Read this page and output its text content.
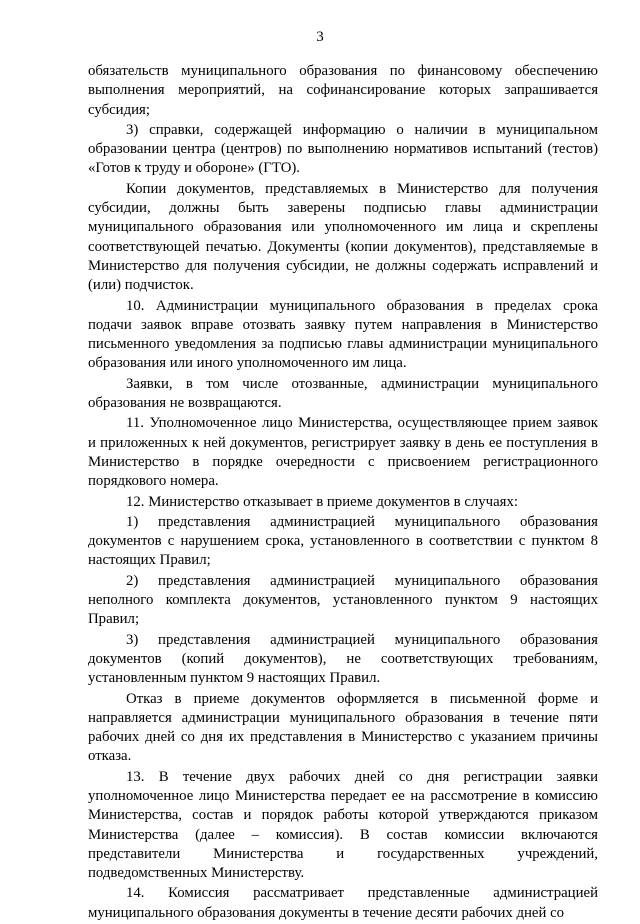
3

обязательств муниципального образования по финансовому обеспечению выполнения мероприятий, на софинансирование которых запрашивается субсидия;

3) справки, содержащей информацию о наличии в муниципальном образовании центра (центров) по выполнению нормативов испытаний (тестов) «Готов к труду и обороне» (ГТО).

Копии документов, представляемых в Министерство для получения субсидии, должны быть заверены подписью главы администрации муниципального образования или уполномоченного им лица и скреплены соответствующей печатью. Документы (копии документов), представляемые в Министерство для получения субсидии, не должны содержать исправлений и (или) подчисток.

10. Администрации муниципального образования в пределах срока подачи заявок вправе отозвать заявку путем направления в Министерство письменного уведомления за подписью главы администрации муниципального образования или иного уполномоченного им лица.

Заявки, в том числе отозванные, администрации муниципального образования не возвращаются.

11. Уполномоченное лицо Министерства, осуществляющее прием заявок и приложенных к ней документов, регистрирует заявку в день ее поступления в Министерство в порядке очередности с присвоением регистрационного порядкового номера.

12. Министерство отказывает в приеме документов в случаях:

1) представления администрацией муниципального образования документов с нарушением срока, установленного в соответствии с пунктом 8 настоящих Правил;

2) представления администрацией муниципального образования неполного комплекта документов, установленного пунктом 9 настоящих Правил;

3) представления администрацией муниципального образования документов (копий документов), не соответствующих требованиям, установленным пунктом 9 настоящих Правил.

Отказ в приеме документов оформляется в письменной форме и направляется администрации муниципального образования в течение пяти рабочих дней со дня их представления в Министерство с указанием причины отказа.

13. В течение двух рабочих дней со дня регистрации заявки уполномоченное лицо Министерства передает ее на рассмотрение в комиссию Министерства, состав и порядок работы которой утверждаются приказом Министерства (далее – комиссия). В состав комиссии включаются представители Министерства и государственных учреждений, подведомственных Министерству.

14. Комиссия рассматривает представленные администрацией муниципального образования документы в течение десяти рабочих дней со
